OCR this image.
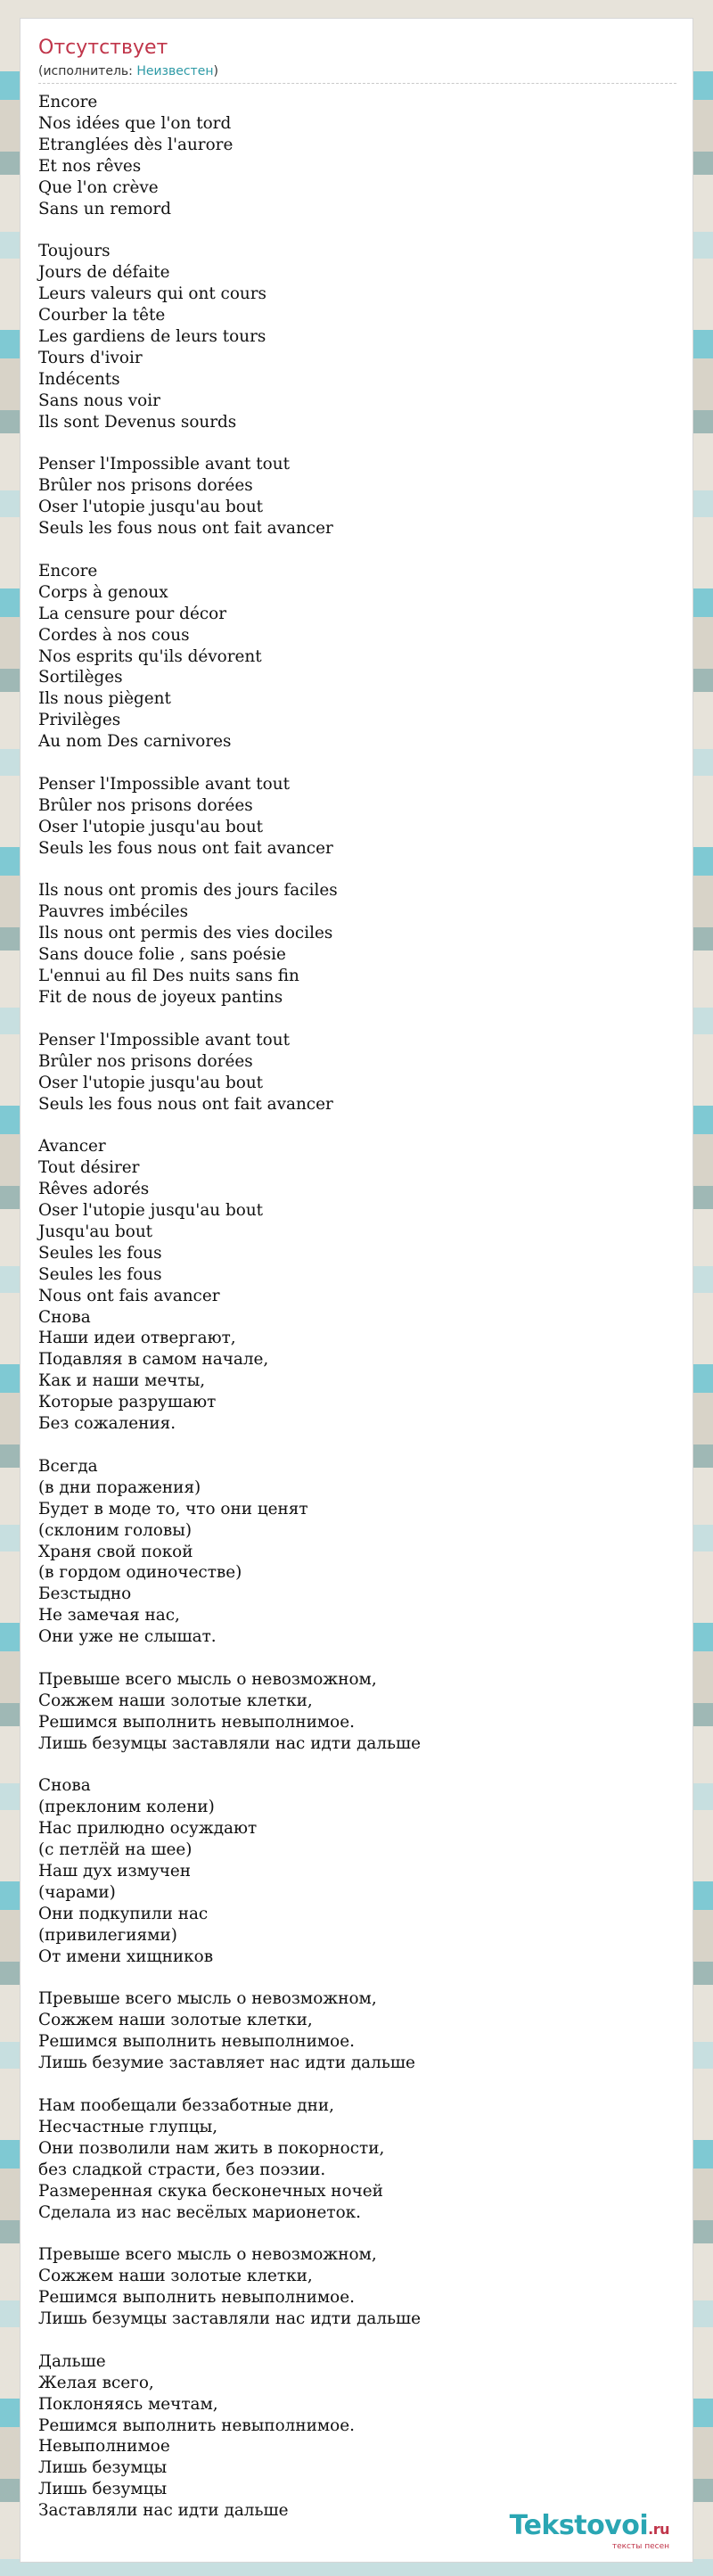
Отсутствует
(исполнитель: Неизвестен)
Encore
Nos idées que l'on tord
Etranglées dès l'aurore
Et nos rêves
Que l'on crève
Sans un remord
Toujours
Jours de défaite
Leurs valeurs qui ont cours
Courber la tête
Les gardiens de leurs tours
Tours d'ivoir
Indécents
Sans nous voir
Ils sont Devenus sourds
Penser l'Impossible avant tout
Brûler nos prisons dorées
Oser l'utopie jusqu'au bout
Seuls les fous nous ont fait avancer
Encore
Corps à genoux
La censure pour décor
Cordes à nos cous
Nos esprits qu'ils dévorent
Sortilèges
Ils nous piègent
Privilèges
Au nom Des carnivores
Penser l'Impossible avant tout
Brûler nos prisons dorées
Oser l'utopie jusqu'au bout
Seuls les fous nous ont fait avancer
Ils nous ont promis des jours faciles
Pauvres imbéciles
Ils nous ont permis des vies dociles
Sans douce folie , sans poésie
L'ennui au fil Des nuits sans fin
Fit de nous de joyeux pantins
Penser l'Impossible avant tout
Brûler nos prisons dorées
Oser l'utopie jusqu'au bout
Seuls les fous nous ont fait avancer
Avancer
Tout désirer
Rêves adorés
Oser l'utopie jusqu'au bout
Jusqu'au bout
Seules les fous
Seules les fous
Nous ont fais avancer
Снова
Наши идеи отвергают,
Подавляя в самом начале,
Как и наши мечты,
Которые разрушают
Без сожаления.
Всегда
(в дни поражения)
Будет в моде то, что они ценят
(склоним головы)
Храня свой покой
(в гордом одиночестве)
Безстыдно
Не замечая нас,
Они уже не слышат.
Превыше всего мысль о невозможном,
Сожжем наши золотые клетки,
Решимся выполнить невыполнимое.
Лишь безумцы заставляли нас идти дальше
Снова
(преклоним колени)
Нас прилюдно осуждают
(с петлёй на шее)
Наш дух измучен
(чарами)
Они подкупили нас
(привилегиями)
От имени хищников
Превыше всего мысль о невозможном,
Сожжем наши золотые клетки,
Решимся выполнить невыполнимое.
Лишь безумие заставляет нас идти дальше
Нам пообещали беззаботные дни,
Несчастные глупцы,
Они позволили нам жить в покорности,
без сладкой страсти, без поэзии.
Размеренная скука бесконечных ночей
Сделала из нас весёлых марионеток.
Превыше всего мысль о невозможном,
Сожжем наши золотые клетки,
Решимся выполнить невыполнимое.
Лишь безумцы заставляли нас идти дальше
Дальше
Желая всего,
Поклоняясь мечтам,
Решимся выполнить невыполнимое.
Невыполнимое
Лишь безумцы
Лишь безумцы
Заставляли нас идти дальше	Tekstovoi.ru
тексты песен
